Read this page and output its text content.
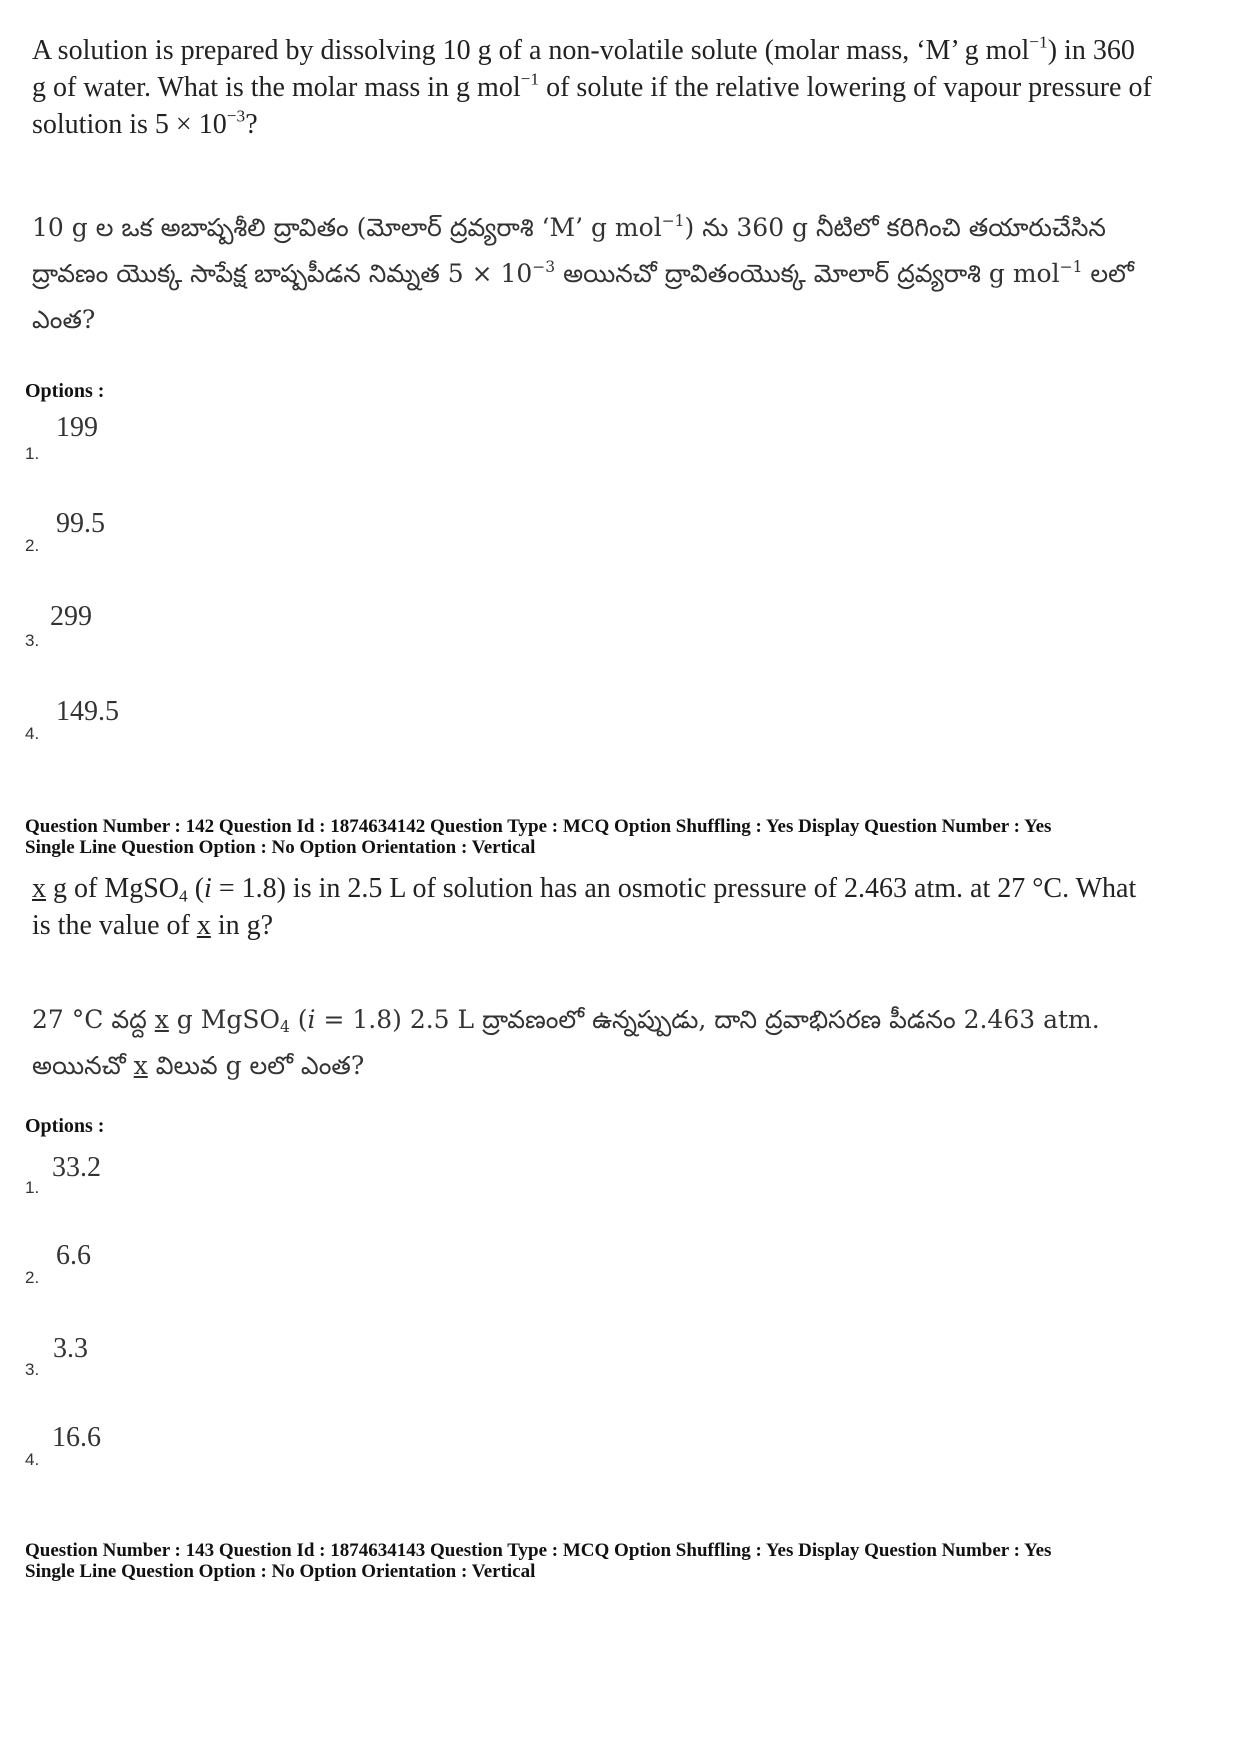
A solution is prepared by dissolving 10 g of a non-volatile solute (molar mass, ‘M’ g mol$^{-1}$) in 360 g of water. What is the molar mass in g mol$^{-1}$ of solute if the relative lowering of vapour pressure of solution is $5 \times 10^{-3}$?
10 g ల ఒక అబాష్పశీలి ద్రావితం (మోలార్ ద్రవ్యరాశి ‘M’ g mol$^{-1}$) ను 360 g నీటిలో కరిగించి తయారుచేసిన ద్రావణం యొక్క సాపేక్ష బాష్పపీడన నిమ్నత $5 \times 10^{-3}$ అయినచో ద్రావితంయొక్క మోలార్ ద్రవ్యరాశి g mol$^{-1}$ లలో ఎంత?
Options :
199
1.
99.5
2.
299
3.
149.5
4.
Question Number : 142 Question Id : 1874634142 Question Type : MCQ Option Shuffling : Yes Display Question Number : Yes
Single Line Question Option : No Option Orientation : Vertical
x g of MgSO$_4$ (i = 1.8) is in 2.5 L of solution has an osmotic pressure of 2.463 atm. at 27 °C. What is the value of x in g?
27 °C వద్ద x g MgSO$_4$ (i = 1.8) 2.5 L ద్రావణంలో ఉన్నప్పుడు, దాని ద్రవాభిసరణ పీడనం 2.463 atm. అయినచో x విలువ g లలో ఎంత?
Options :
33.2
1.
6.6
2.
3.3
3.
16.6
4.
Question Number : 143 Question Id : 1874634143 Question Type : MCQ Option Shuffling : Yes Display Question Number : Yes
Single Line Question Option : No Option Orientation : Vertical
